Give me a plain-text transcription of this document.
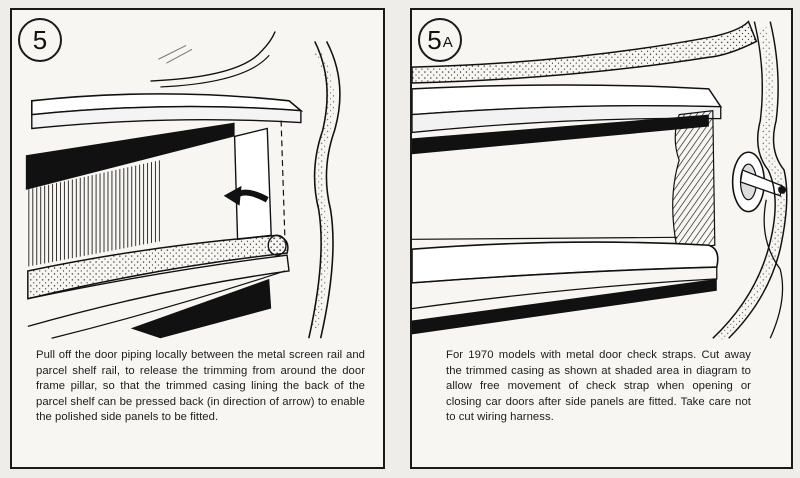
5
Pull off the door piping locally between the metal screen rail and parcel shelf rail, to release the trimming from around the door frame pillar, so that the trimmed casing lining the back of the parcel shelf can be pressed back (in direction of arrow) to enable the polished side panels to be fitted.
5 A
For 1970 models with metal door check straps. Cut away the trimmed casing as shown at shaded area in diagram to allow free movement of check strap when opening or closing car doors after side panels are fitted. Take care not to cut wiring harness.
